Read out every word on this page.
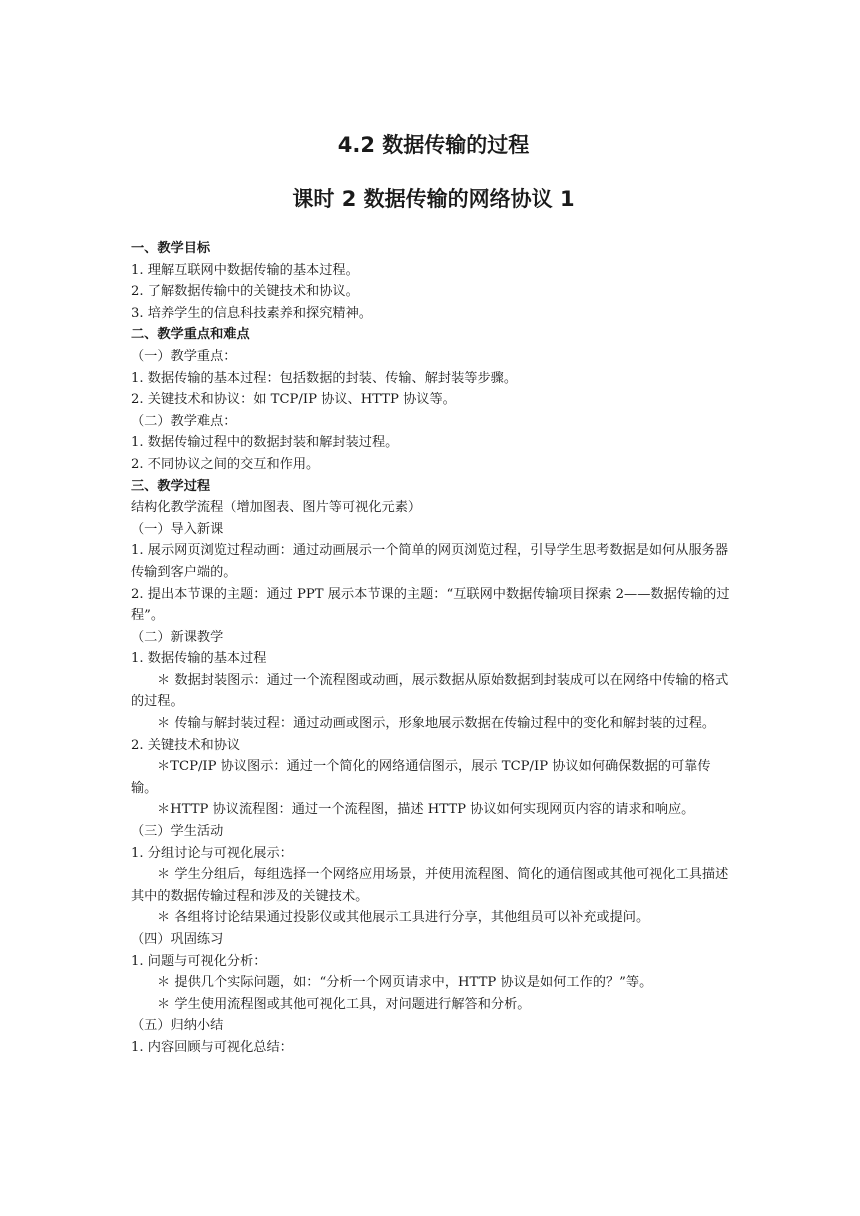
4.2 数据传输的过程
课时 2 数据传输的网络协议 1

一、教学目标

1. 理解互联网中数据传输的基本过程。

2. 了解数据传输中的关键技术和协议。

3. 培养学生的信息科技素养和探究精神。

二、教学重点和难点

（一）教学重点：

1. 数据传输的基本过程：包括数据的封装、传输、解封装等步骤。

2. 关键技术和协议：如 TCP/IP 协议、HTTP 协议等。

（二）教学难点：

1. 数据传输过程中的数据封装和解封装过程。

2. 不同协议之间的交互和作用。

三、教学过程

结构化教学流程（增加图表、图片等可视化元素）

（一）导入新课

1. 展示网页浏览过程动画：通过动画展示一个简单的网页浏览过程，引导学生思考数据是如何从服务器传输到客户端的。

2. 提出本节课的主题：通过 PPT 展示本节课的主题：“互联网中数据传输项目探索 2——数据传输的过程”。

（二）新课教学

1. 数据传输的基本过程

＊ 数据封装图示：通过一个流程图或动画，展示数据从原始数据到封装成可以在网络中传输的格式的过程。

＊ 传输与解封装过程：通过动画或图示，形象地展示数据在传输过程中的变化和解封装的过程。

2. 关键技术和协议

＊TCP/IP 协议图示：通过一个简化的网络通信图示，展示 TCP/IP 协议如何确保数据的可靠传输。

＊HTTP 协议流程图：通过一个流程图，描述 HTTP 协议如何实现网页内容的请求和响应。

（三）学生活动

1. 分组讨论与可视化展示：

＊ 学生分组后，每组选择一个网络应用场景，并使用流程图、简化的通信图或其他可视化工具描述其中的数据传输过程和涉及的关键技术。

＊ 各组将讨论结果通过投影仪或其他展示工具进行分享，其他组员可以补充或提问。

（四）巩固练习

1. 问题与可视化分析：

＊ 提供几个实际问题，如：“分析一个网页请求中，HTTP 协议是如何工作的？”等。

＊ 学生使用流程图或其他可视化工具，对问题进行解答和分析。

（五）归纳小结

1. 内容回顾与可视化总结：
